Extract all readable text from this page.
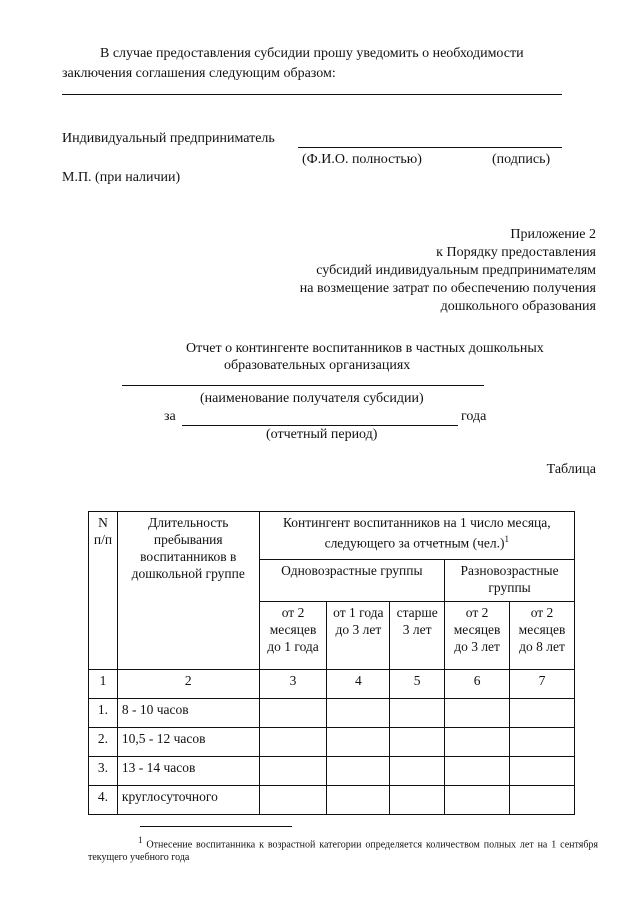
В случае предоставления субсидии прошу уведомить о необходимости заключения соглашения следующим образом:
Индивидуальный предприниматель
(Ф.И.О. полностью)	(подпись)
М.П. (при наличии)
Приложение 2
к Порядку предоставления
субсидий индивидуальным предпринимателям
на возмещение затрат по обеспечению получения
дошкольного образования
Отчет о контингенте воспитанников в частных дошкольных
образовательных организациях
(наименование получателя субсидии)
за	года
(отчетный период)
Таблица
N п/п	Длительность пребывания воспитанников в дошкольной группе	Контингент воспитанников на 1 число месяца, следующего за отчетным $(чел.)^1$
		Одновозрастные группы			Разновозрастные группы	
		от 2 месяцев до 1 года	от 1 года до 3 лет	старше 3 лет	от 2 месяцев до 3 лет	от 2 месяцев до 8 лет
1	2	3	4	5	6	7
1.	8 - 10 часов					
2.	10,5 - 12 часов					
3.	13 - 14 часов					
4.	круглосуточного					
$^1$ Отнесение воспитанника к возрастной категории определяется количеством полных лет на 1 сентября текущего учебного года
